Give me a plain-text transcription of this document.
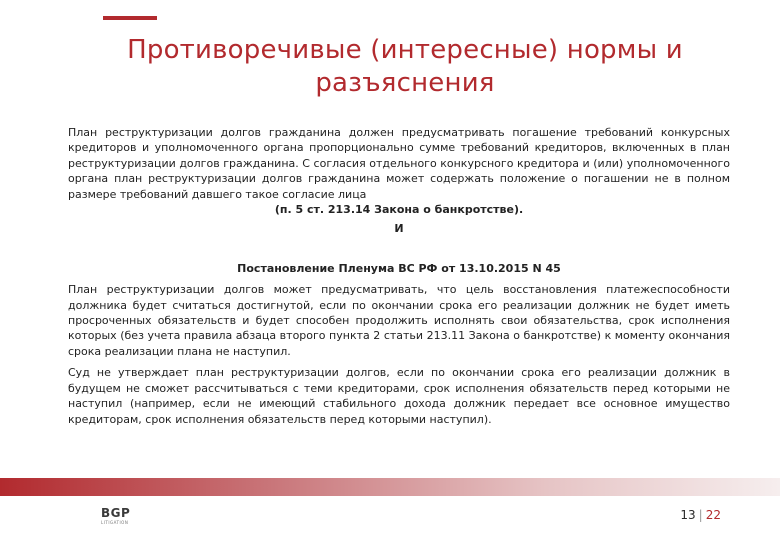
Противоречивые (интересные) нормы и разъяснения

План реструктуризации долгов гражданина должен предусматривать погашение требований конкурсных кредиторов и уполномоченного органа пропорционально сумме требований кредиторов, включенных в план реструктуризации долгов гражданина. С согласия отдельного конкурсного кредитора и (или) уполномоченного органа план реструктуризации долгов гражданина может содержать положение о погашении не в полном размере требований давшего такое согласие лица

(п. 5 ст. 213.14 Закона о банкротстве).

И

Постановление Пленума ВС РФ от 13.10.2015 N 45

План реструктуризации долгов может предусматривать, что цель восстановления платежеспособности должника будет считаться достигнутой, если по окончании срока его реализации должник не будет иметь просроченных обязательств и будет способен продолжить исполнять свои обязательства, срок исполнения которых (без учета правила абзаца второго пункта 2 статьи 213.11 Закона о банкротстве) к моменту окончания срока реализации плана не наступил.

Суд не утверждает план реструктуризации долгов, если по окончании срока его реализации должник в будущем не сможет рассчитываться с теми кредиторами, срок исполнения обязательств перед которыми не наступил (например, если не имеющий стабильного дохода должник передает все основное имущество кредиторам, срок исполнения обязательств перед которыми наступил).

BGP
LITIGATION
13 | 22
